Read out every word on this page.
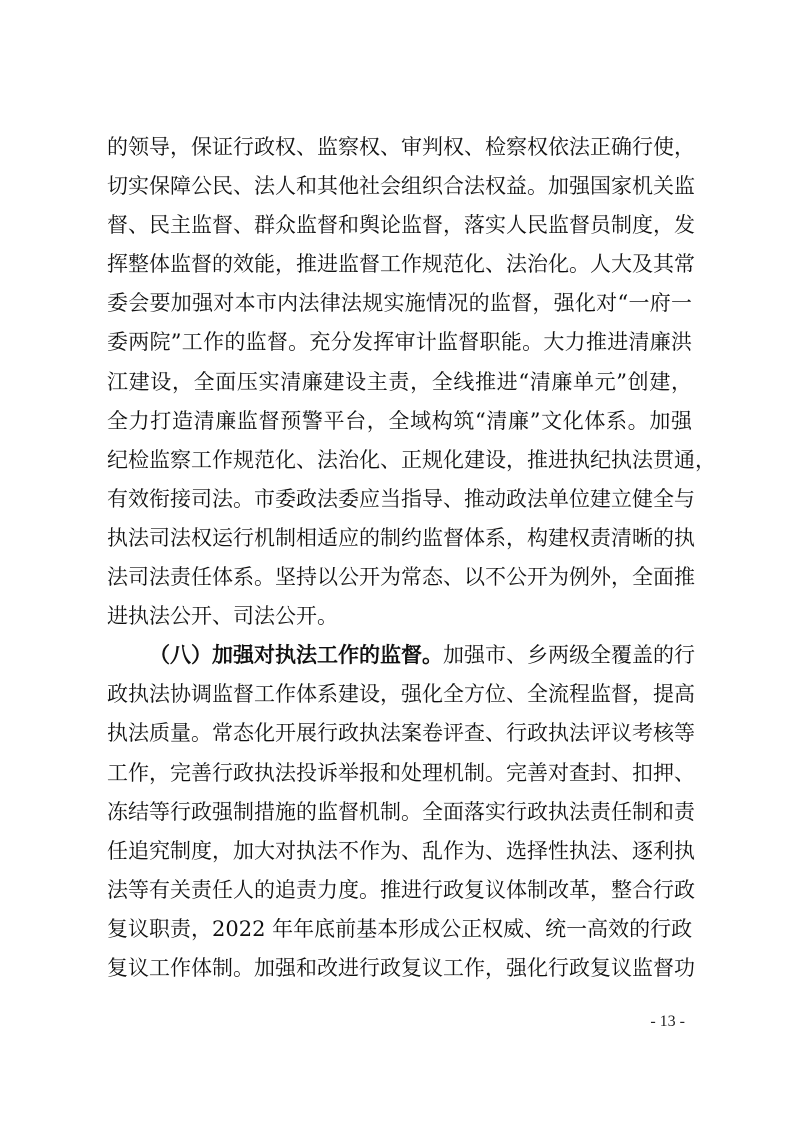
的领导，保证行政权、监察权、审判权、检察权依法正确行使，
切实保障公民、法人和其他社会组织合法权益。加强国家机关监
督、民主监督、群众监督和舆论监督，落实人民监督员制度，发
挥整体监督的效能，推进监督工作规范化、法治化。人大及其常
委会要加强对本市内法律法规实施情况的监督，强化对“一府一
委两院”工作的监督。充分发挥审计监督职能。大力推进清廉洪
江建设，全面压实清廉建设主责，全线推进“清廉单元”创建，
全力打造清廉监督预警平台，全域构筑“清廉”文化体系。加强
纪检监察工作规范化、法治化、正规化建设，推进执纪执法贯通，
有效衔接司法。市委政法委应当指导、推动政法单位建立健全与
执法司法权运行机制相适应的制约监督体系，构建权责清晰的执
法司法责任体系。坚持以公开为常态、以不公开为例外，全面推
进执法公开、司法公开。
（八）加强对执法工作的监督。加强市、乡两级全覆盖的行
政执法协调监督工作体系建设，强化全方位、全流程监督，提高
执法质量。常态化开展行政执法案卷评查、行政执法评议考核等
工作，完善行政执法投诉举报和处理机制。完善对查封、扣押、
冻结等行政强制措施的监督机制。全面落实行政执法责任制和责
任追究制度，加大对执法不作为、乱作为、选择性执法、逐利执
法等有关责任人的追责力度。推进行政复议体制改革，整合行政
复议职责，2022 年年底前基本形成公正权威、统一高效的行政
复议工作体制。加强和改进行政复议工作，强化行政复议监督功
- 13 -
